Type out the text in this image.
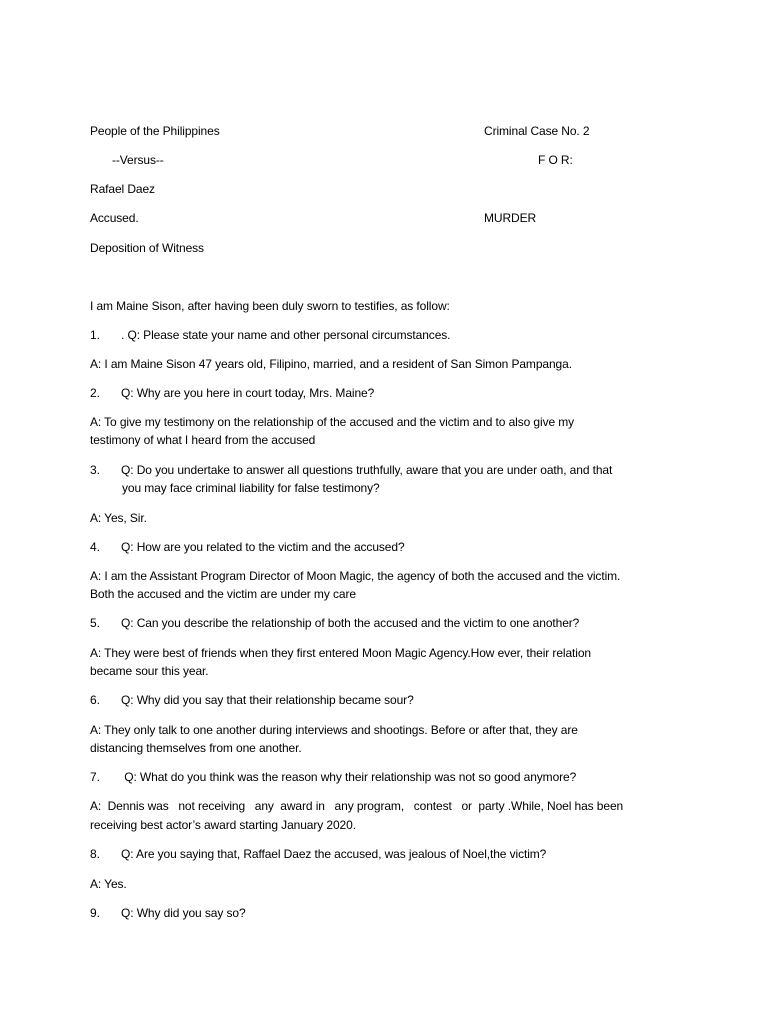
People of the Philippines	Criminal Case No. 2
--Versus--	F O R:
Rafael Daez
Accused.	MURDER
Deposition of Witness
I am Maine Sison, after having been duly sworn to testifies, as follow:
1. . Q: Please state your name and other personal circumstances.
A: I am Maine Sison 47 years old, Filipino, married, and a resident of San Simon Pampanga.
2. Q: Why are you here in court today, Mrs. Maine?
A: To give my testimony on the relationship of the accused and the victim and to also give my
testimony of what I heard from the accused
3. Q: Do you undertake to answer all questions truthfully, aware that you are under oath, and that
you may face criminal liability for false testimony?
A: Yes, Sir.
4. Q: How are you related to the victim and the accused?
A: I am the Assistant Program Director of Moon Magic, the agency of both the accused and the victim.
Both the accused and the victim are under my care
5. Q: Can you describe the relationship of both the accused and the victim to one another?
A: They were best of friends when they first entered Moon Magic Agency.How ever, their relation
became sour this year.
6. Q: Why did you say that their relationship became sour?
A: They only talk to one another during interviews and shootings. Before or after that, they are
distancing themselves from one another.
7. Q: What do you think was the reason why their relationship was not so good anymore?
A:  Dennis was   not receiving   any  award in   any program,   contest   or  party .While, Noel has been
receiving best actor’s award starting January 2020.
8. Q: Are you saying that, Raffael Daez the accused, was jealous of Noel,the victim?
A: Yes.
9. Q: Why did you say so?
